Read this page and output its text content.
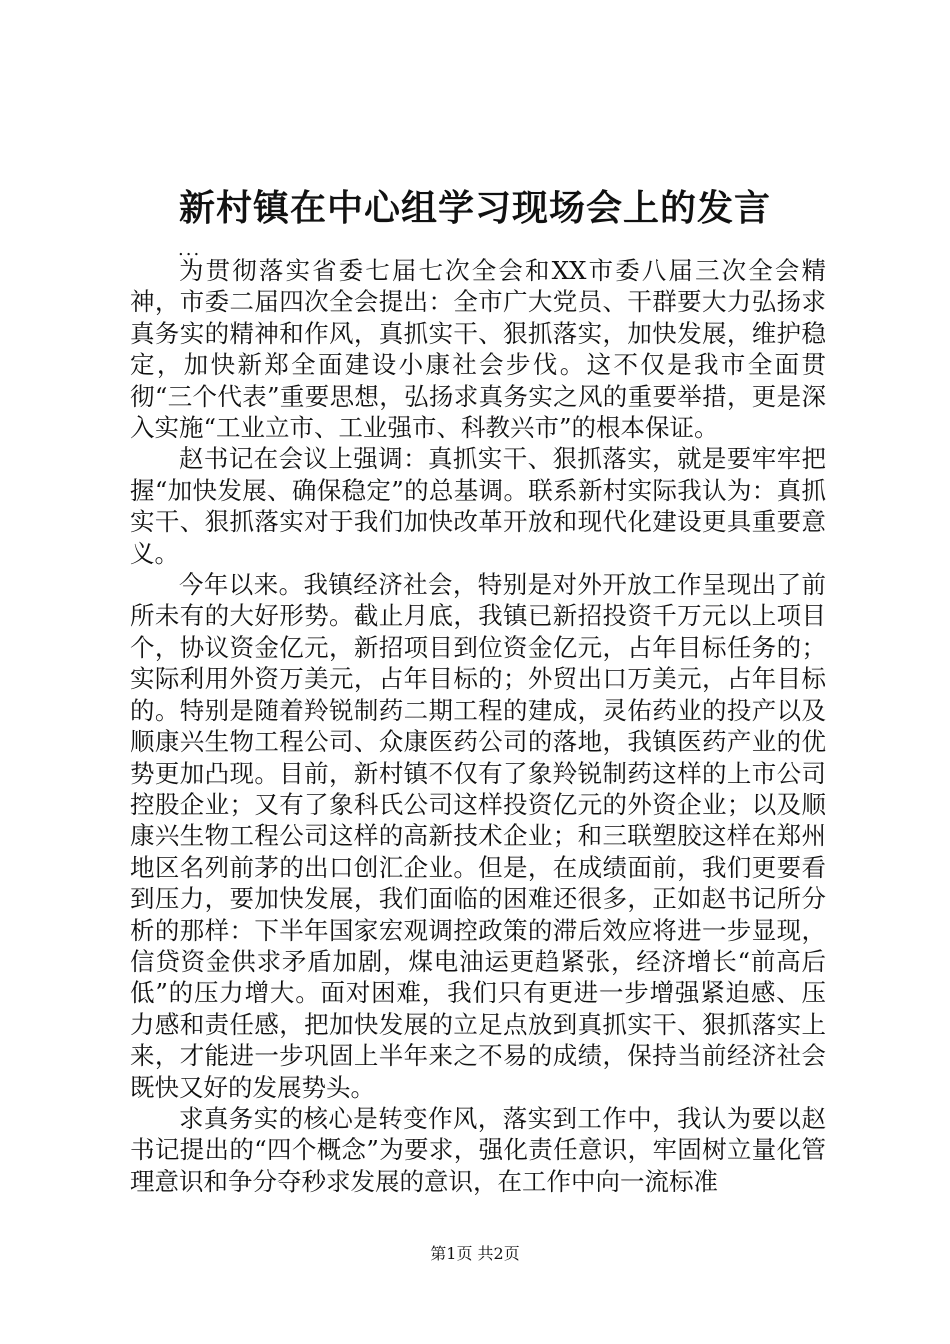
新村镇在中心组学习现场会上的发言
...

为贯彻落实省委七届七次全会和XX市委八届三次全会精神，市委二届四次全会提出：全市广大党员、干群要大力弘扬求真务实的精神和作风，真抓实干、狠抓落实，加快发展，维护稳定，加快新郑全面建设小康社会步伐。这不仅是我市全面贯彻“三个代表”重要思想，弘扬求真务实之风的重要举措，更是深入实施“工业立市、工业强市、科教兴市”的根本保证。

赵书记在会议上强调：真抓实干、狠抓落实，就是要牢牢把握“加快发展、确保稳定”的总基调。联系新村实际我认为：真抓实干、狠抓落实对于我们加快改革开放和现代化建设更具重要意义。

今年以来。我镇经济社会，特别是对外开放工作呈现出了前所未有的大好形势。截止月底，我镇已新招投资千万元以上项目个，协议资金亿元，新招项目到位资金亿元，占年目标任务的；实际利用外资万美元，占年目标的；外贸出口万美元，占年目标的。特别是随着羚锐制药二期工程的建成，灵佑药业的投产以及顺康兴生物工程公司、众康医药公司的落地，我镇医药产业的优势更加凸现。目前，新村镇不仅有了象羚锐制药这样的上市公司控股企业；又有了象科氏公司这样投资亿元的外资企业；以及顺康兴生物工程公司这样的高新技术企业；和三联塑胶这样在郑州地区名列前茅的出口创汇企业。但是，在成绩面前，我们更要看到压力，要加快发展，我们面临的困难还很多，正如赵书记所分析的那样：下半年国家宏观调控政策的滞后效应将进一步显现，信贷资金供求矛盾加剧，煤电油运更趋紧张，经济增长“前高后低”的压力增大。面对困难，我们只有更进一步增强紧迫感、压力感和责任感，把加快发展的立足点放到真抓实干、狠抓落实上来，才能进一步巩固上半年来之不易的成绩，保持当前经济社会既快又好的发展势头。

求真务实的核心是转变作风，落实到工作中，我认为要以赵书记提出的“四个概念”为要求，强化责任意识，牢固树立量化管理意识和争分夺秒求发展的意识，在工作中向一流标准

第1页 共2页
